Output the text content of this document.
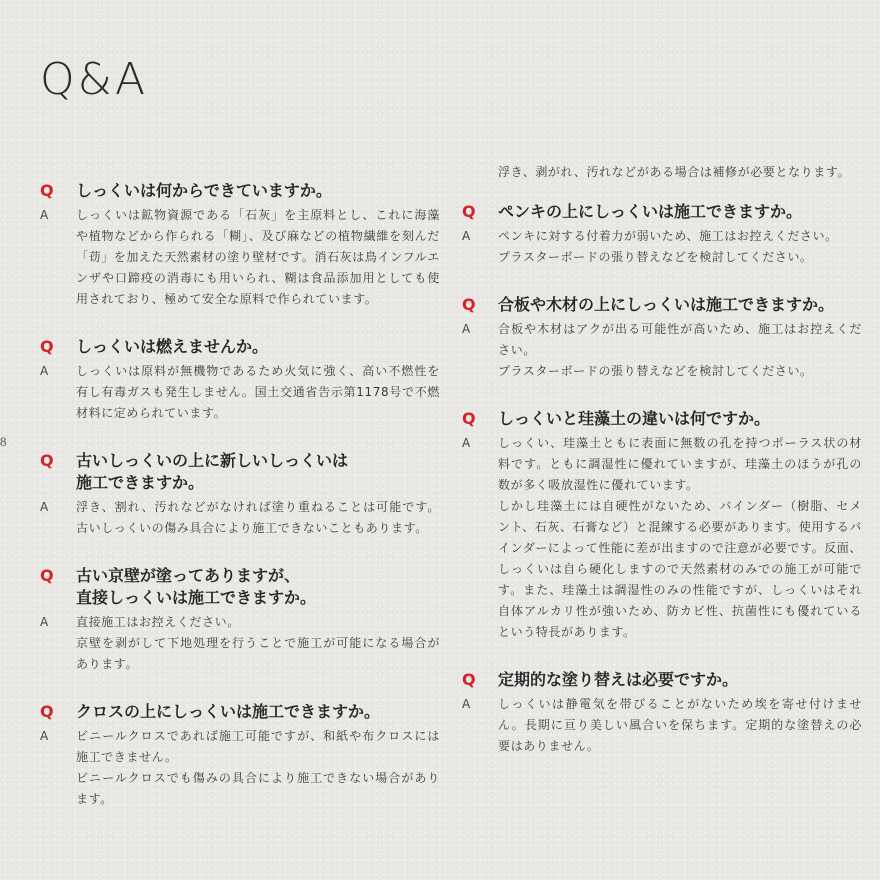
Q&A
8
Q	しっくいは何からできていますか。
A	しっくいは鉱物資源である「石灰」を主原料とし、これに海藻や植物などから作られる「糊」、及び麻などの植物繊維を刻んだ「苆」を加えた天然素材の塗り壁材です。消石灰は鳥インフルエンザや口蹄疫の消毒にも用いられ、糊は食品添加用としても使用されており、極めて安全な原料で作られています。
Q	しっくいは燃えませんか。
A	しっくいは原料が無機物であるため火気に強く、高い不燃性を有し有毒ガスも発生しません。国土交通省告示第1178号で不燃材料に定められています。
Q	古いしっくいの上に新しいしっくいは
施工できますか。
A	浮き、割れ、汚れなどがなければ塗り重ねることは可能です。古いしっくいの傷み具合により施工できないこともあります。
Q	古い京壁が塗ってありますが、
直接しっくいは施工できますか。
A	直接施工はお控えください。
京壁を剥がして下地処理を行うことで施工が可能になる場合があります。
Q	クロスの上にしっくいは施工できますか。
A	ビニールクロスであれば施工可能ですが、和紙や布クロスには施工できません。
ビニールクロスでも傷みの具合により施工できない場合があります。
浮き、剥がれ、汚れなどがある場合は補修が必要となります。
Q	ペンキの上にしっくいは施工できますか。
A	ペンキに対する付着力が弱いため、施工はお控えください。
プラスターボードの張り替えなどを検討してください。
Q	合板や木材の上にしっくいは施工できますか。
A	合板や木材はアクが出る可能性が高いため、施工はお控えください。
プラスターボードの張り替えなどを検討してください。
Q	しっくいと珪藻土の違いは何ですか。
A	しっくい、珪藻土ともに表面に無数の孔を持つポーラス状の材料です。ともに調湿性に優れていますが、珪藻土のほうが孔の数が多く吸放湿性に優れています。
しかし珪藻土には自硬性がないため、バインダー（樹脂、セメント、石灰、石膏など）と混練する必要があります。使用するバインダーによって性能に差が出ますので注意が必要です。反面、しっくいは自ら硬化しますので天然素材のみでの施工が可能です。また、珪藻土は調湿性のみの性能ですが、しっくいはそれ自体アルカリ性が強いため、防カビ性、抗菌性にも優れているという特長があります。
Q	定期的な塗り替えは必要ですか。
A	しっくいは静電気を帯びることがないため埃を寄せ付けません。長期に亘り美しい風合いを保ちます。定期的な塗替えの必要はありません。
